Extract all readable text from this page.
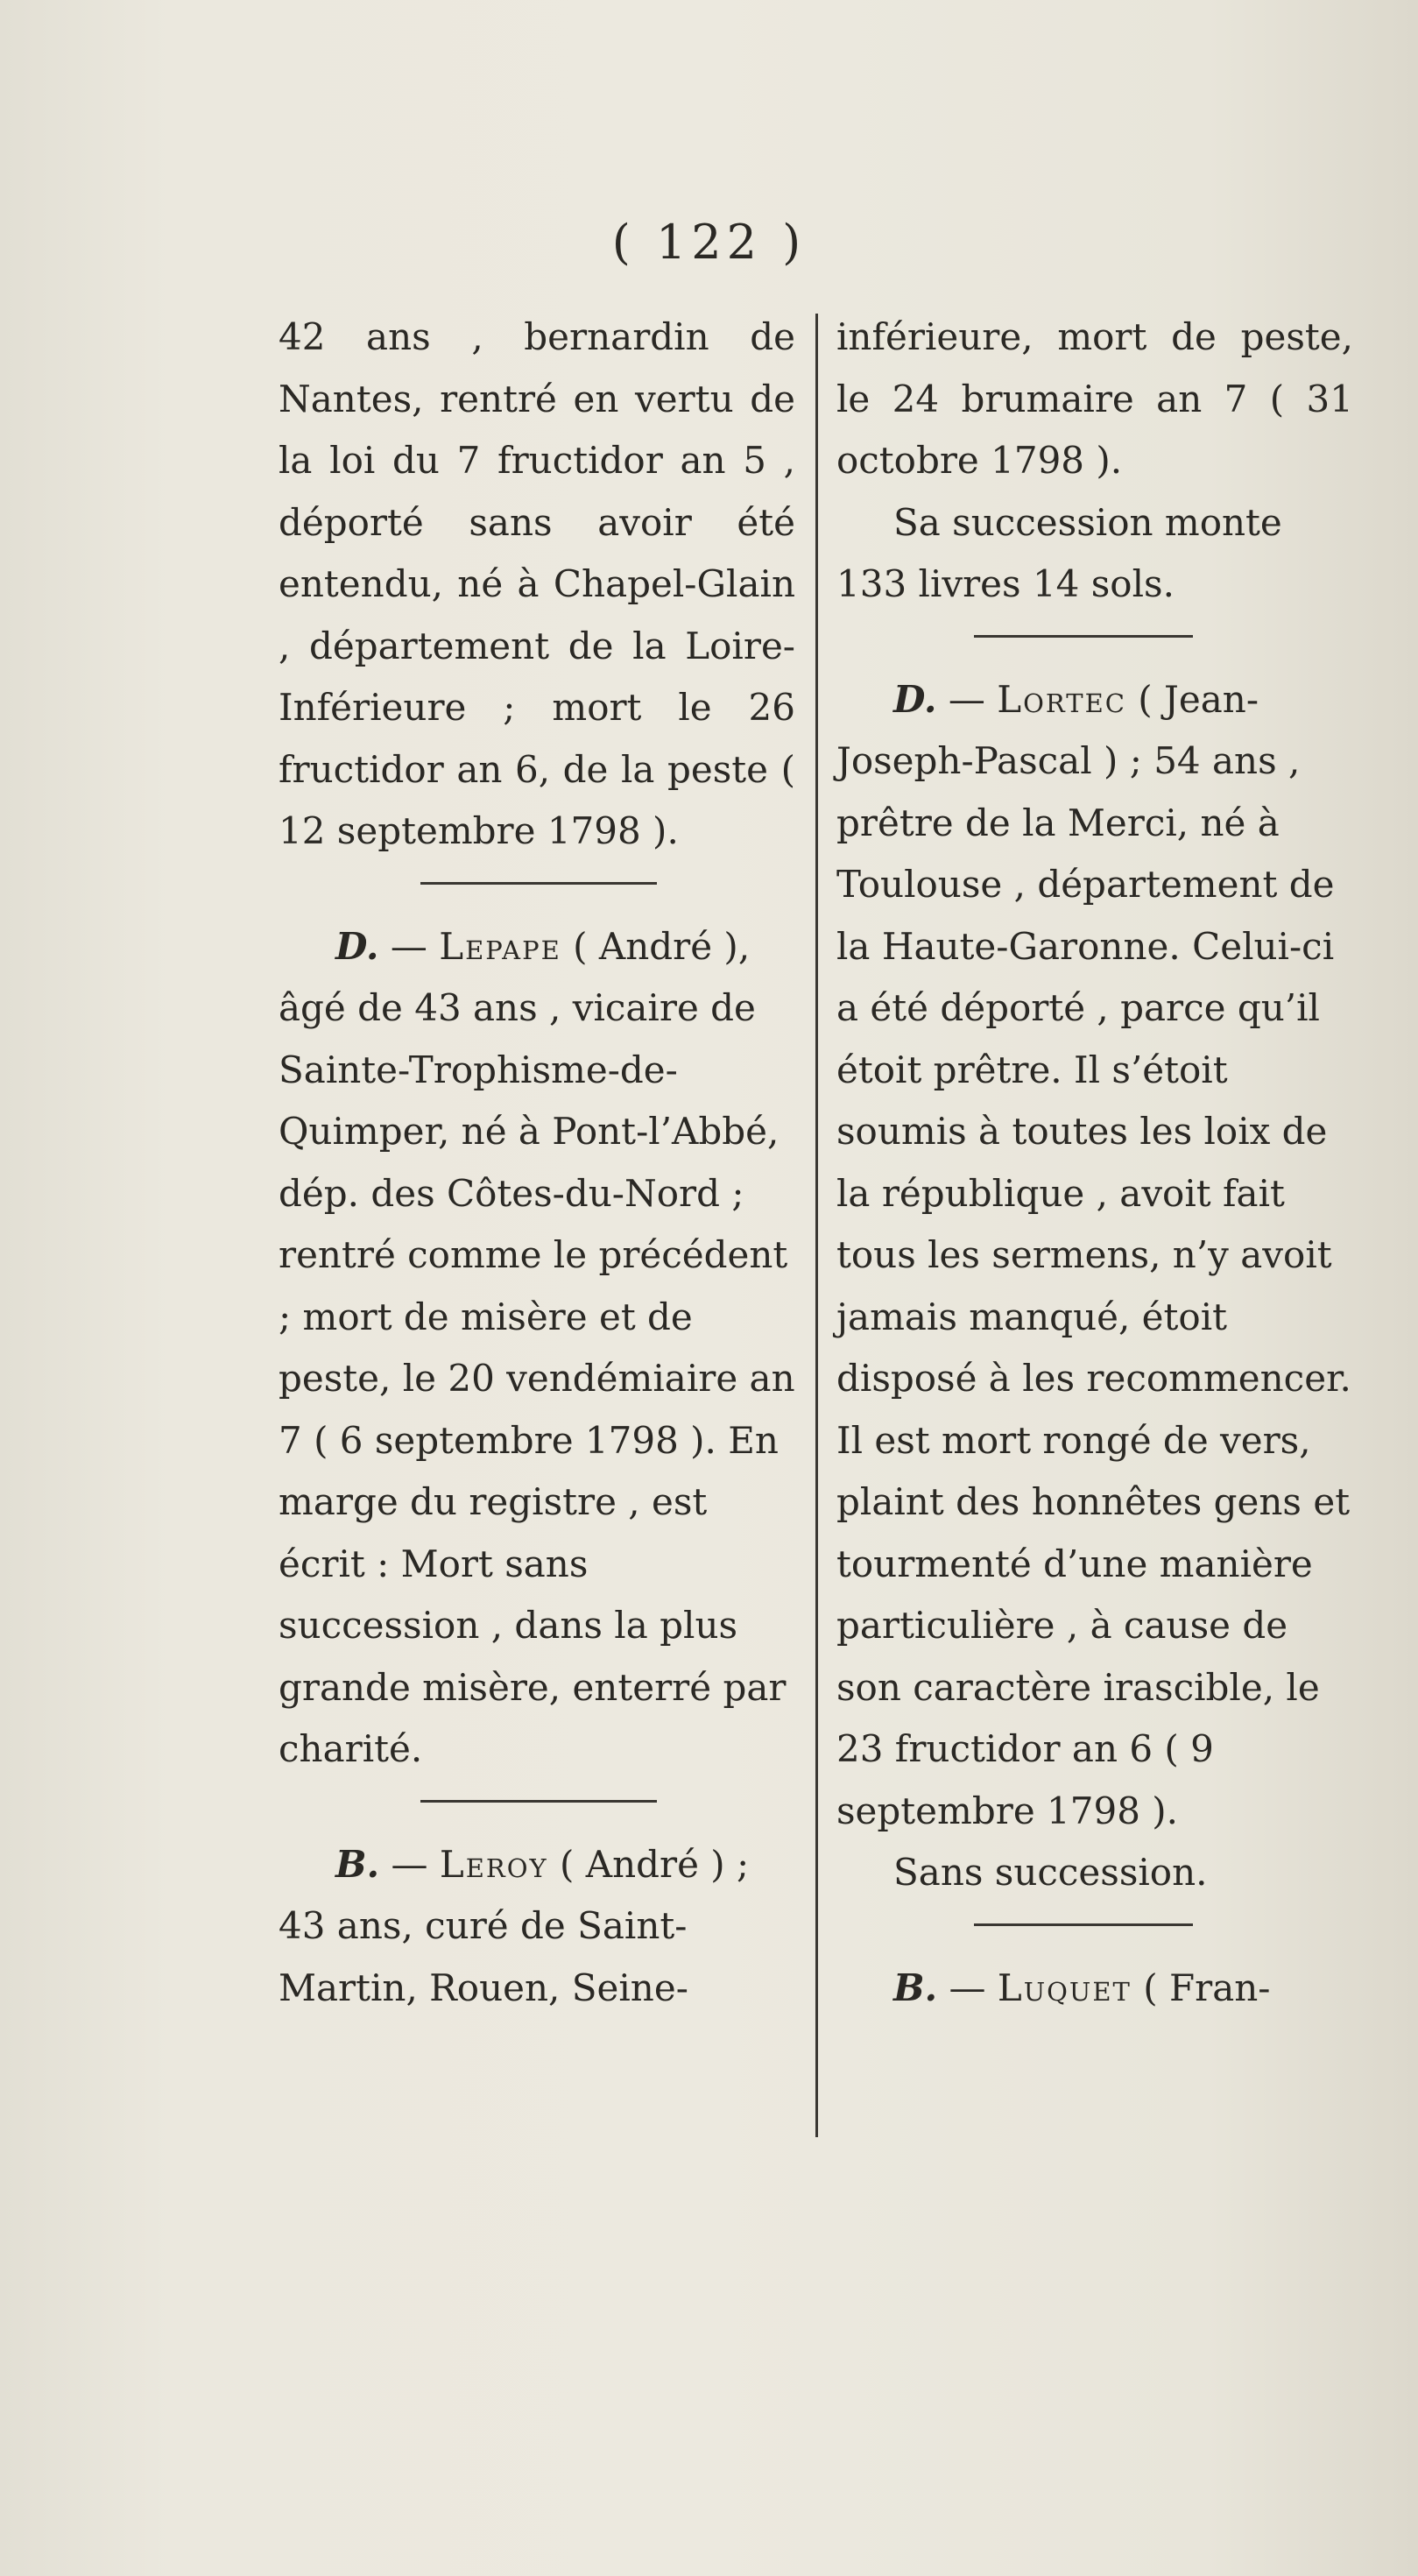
( 122 )
42 ans , bernardin de Nantes, rentré en vertu de la loi du 7 fructidor an 5 , déporté sans avoir été entendu, né à Chapel-Glain , département de la Loire-Inférieure ; mort le 26 fructidor an 6, de la peste ( 12 septembre 1798 ).
D. — Lepape ( André ), âgé de 43 ans , vicaire de Sainte-Trophisme-de-Quimper, né à Pont-l’Abbé, dép. des Côtes-du-Nord ; rentré comme le précédent ; mort de misère et de peste, le 20 vendémiaire an 7 ( 6 septembre 1798 ). En marge du registre , est écrit : Mort sans succession , dans la plus grande misère, enterré par charité.
B. — Leroy ( André ) ; 43 ans, curé de Saint-Martin, Rouen, Seine-
inférieure, mort de peste, le 24 brumaire an 7 ( 31 octobre 1798 ).
Sa succession monte 133 livres 14 sols.
D. — Lortec ( Jean-Joseph-Pascal ) ; 54 ans , prêtre de la Merci, né à Toulouse , département de la Haute-Garonne. Celui-ci a été déporté , parce qu’il étoit prêtre. Il s’étoit soumis à toutes les loix de la république , avoit fait tous les sermens, n’y avoit jamais manqué, étoit disposé à les recommencer. Il est mort rongé de vers, plaint des honnêtes gens et tourmenté d’une manière particulière , à cause de son caractère irascible, le 23 fructidor an 6 ( 9 septembre 1798 ).
Sans succession.
B. — Luquet ( Fran-
